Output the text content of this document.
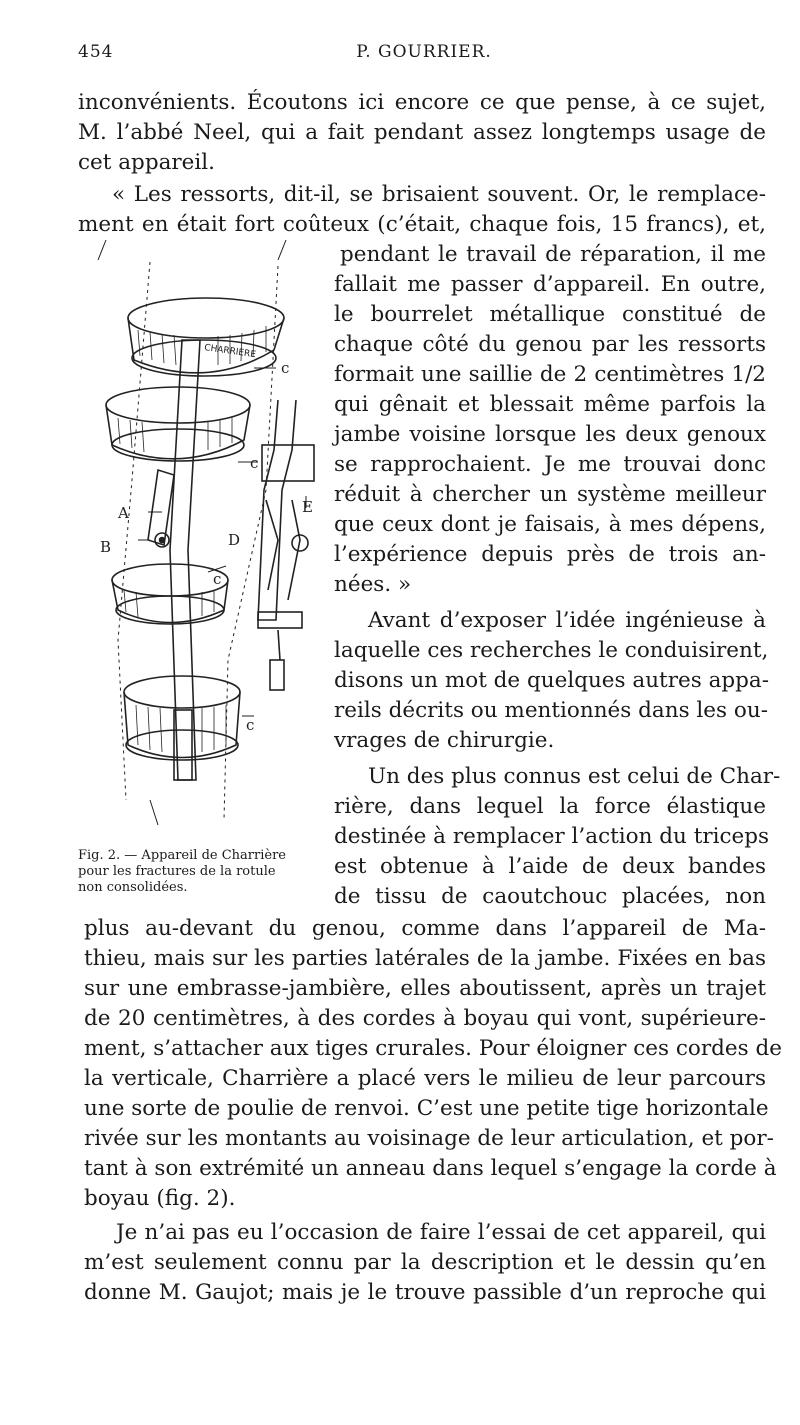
454	P. GOURRIER.
inconvénients. Écoutons ici encore ce que pense, à ce sujet,
M. l’abbé Neel, qui a fait pendant assez longtemps usage de
cet appareil.
« Les ressorts, dit-il, se brisaient souvent. Or, le remplace-
ment en était fort coûteux (c’était, chaque fois, 15 francs), et,
pendant le travail de réparation, il me
fallait me passer d’appareil. En outre,
le bourrelet métallique constitué de
chaque côté du genou par les ressorts
formait une saillie de 2 centimètres 1/2
qui gênait et blessait même parfois la
jambe voisine lorsque les deux genoux
se rapprochaient. Je me trouvai donc
réduit à chercher un système meilleur
que ceux dont je faisais, à mes dépens,
l’expérience depuis près de trois an-
nées. »
Avant d’exposer l’idée ingénieuse à
laquelle ces recherches le conduisirent,
disons un mot de quelques autres appa-
reils décrits ou mentionnés dans les ou-
vrages de chirurgie.
Un des plus connus est celui de Char-
rière, dans lequel la force élastique
destinée à remplacer l’action du triceps
est obtenue à l’aide de deux bandes
de tissu de caoutchouc placées, non
plus au-devant du genou, comme dans l’appareil de Ma-
thieu, mais sur les parties latérales de la jambe. Fixées en bas
sur une embrasse-jambière, elles aboutissent, après un trajet
de 20 centimètres, à des cordes à boyau qui vont, supérieure-
ment, s’attacher aux tiges crurales. Pour éloigner ces cordes de
la verticale, Charrière a placé vers le milieu de leur parcours
une sorte de poulie de renvoi. C’est une petite tige horizontale
rivée sur les montants au voisinage de leur articulation, et por-
tant à son extrémité un anneau dans lequel s’engage la corde à
boyau (fig. 2).
Je n’ai pas eu l’occasion de faire l’essai de cet appareil, qui
m’est seulement connu par la description et le dessin qu’en
donne M. Gaujot; mais je le trouve passible d’un reproche qui
CHARRIERE
c
c
c
c
A
B	D
E
Fig. 2. — Appareil de Charrière
pour les fractures de la rotule
non consolidées.
